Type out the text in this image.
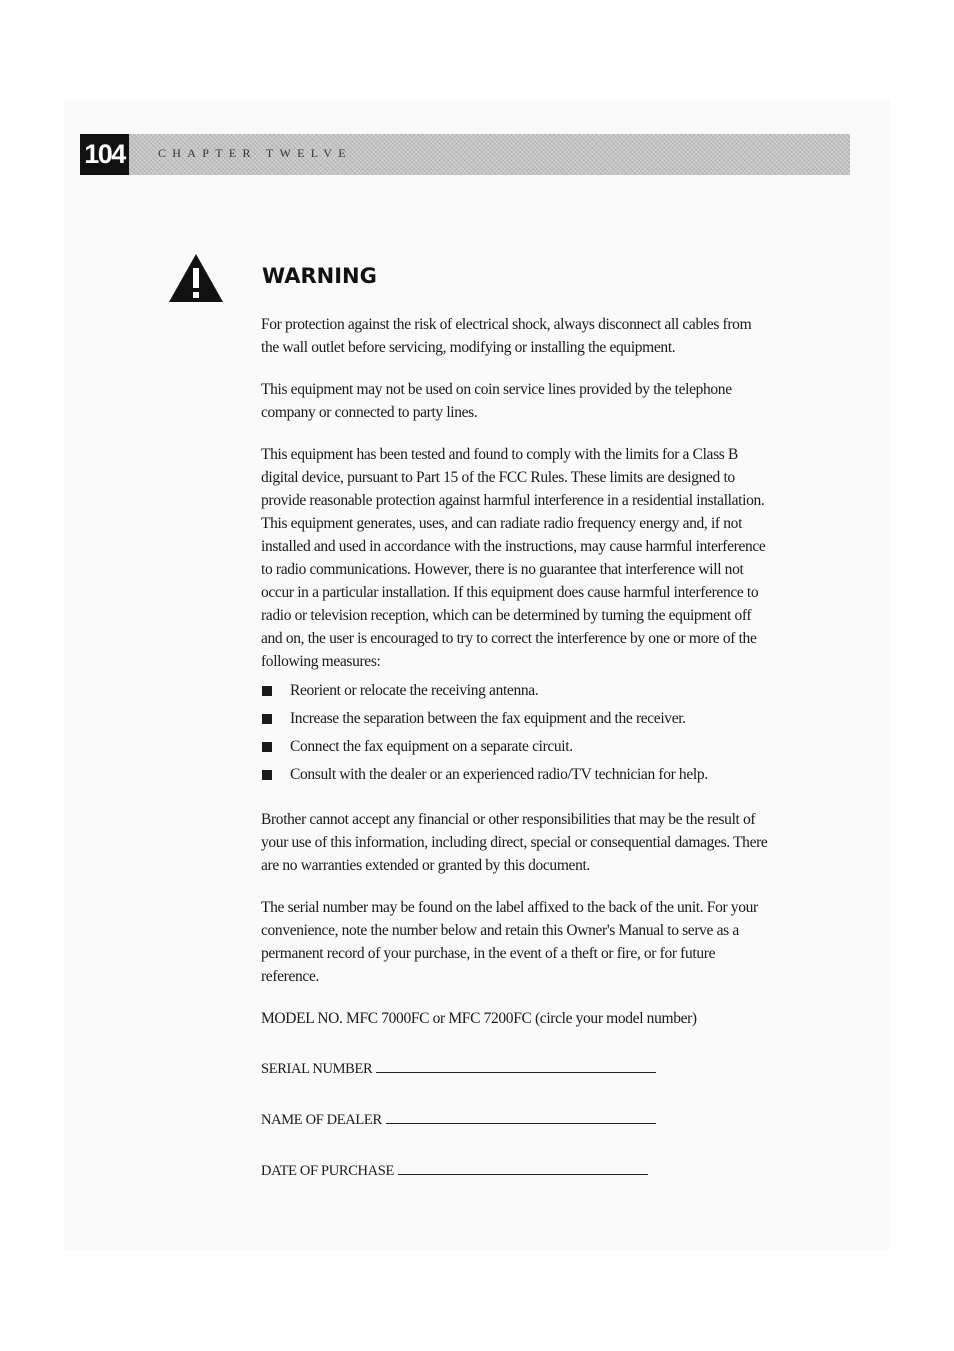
104	CHAPTER TWELVE
WARNING

For protection against the risk of electrical shock, always disconnect all cables from the wall outlet before servicing, modifying or installing the equipment.

This equipment may not be used on coin service lines provided by the telephone company or connected to party lines.

This equipment has been tested and found to comply with the limits for a Class B digital device, pursuant to Part 15 of the FCC Rules. These limits are designed to provide reasonable protection against harmful interference in a residential installation. This equipment generates, uses, and can radiate radio frequency energy and, if not installed and used in accordance with the instructions, may cause harmful interference to radio communications. However, there is no guarantee that interference will not occur in a particular installation. If this equipment does cause harmful interference to radio or television reception, which can be determined by turning the equipment off and on, the user is encouraged to try to correct the interference by one or more of the following measures:

Reorient or relocate the receiving antenna.
Increase the separation between the fax equipment and the receiver.
Connect the fax equipment on a separate circuit.
Consult with the dealer or an experienced radio/TV technician for help.

Brother cannot accept any financial or other responsibilities that may be the result of your use of this information, including direct, special or consequential damages. There are no warranties extended or granted by this document.

The serial number may be found on the label affixed to the back of the unit. For your convenience, note the number below and retain this Owner's Manual to serve as a permanent record of your purchase, in the event of a theft or fire, or for future reference.

MODEL NO. MFC 7000FC or MFC 7200FC (circle your model number)
SERIAL NUMBER
NAME OF DEALER
DATE OF PURCHASE
